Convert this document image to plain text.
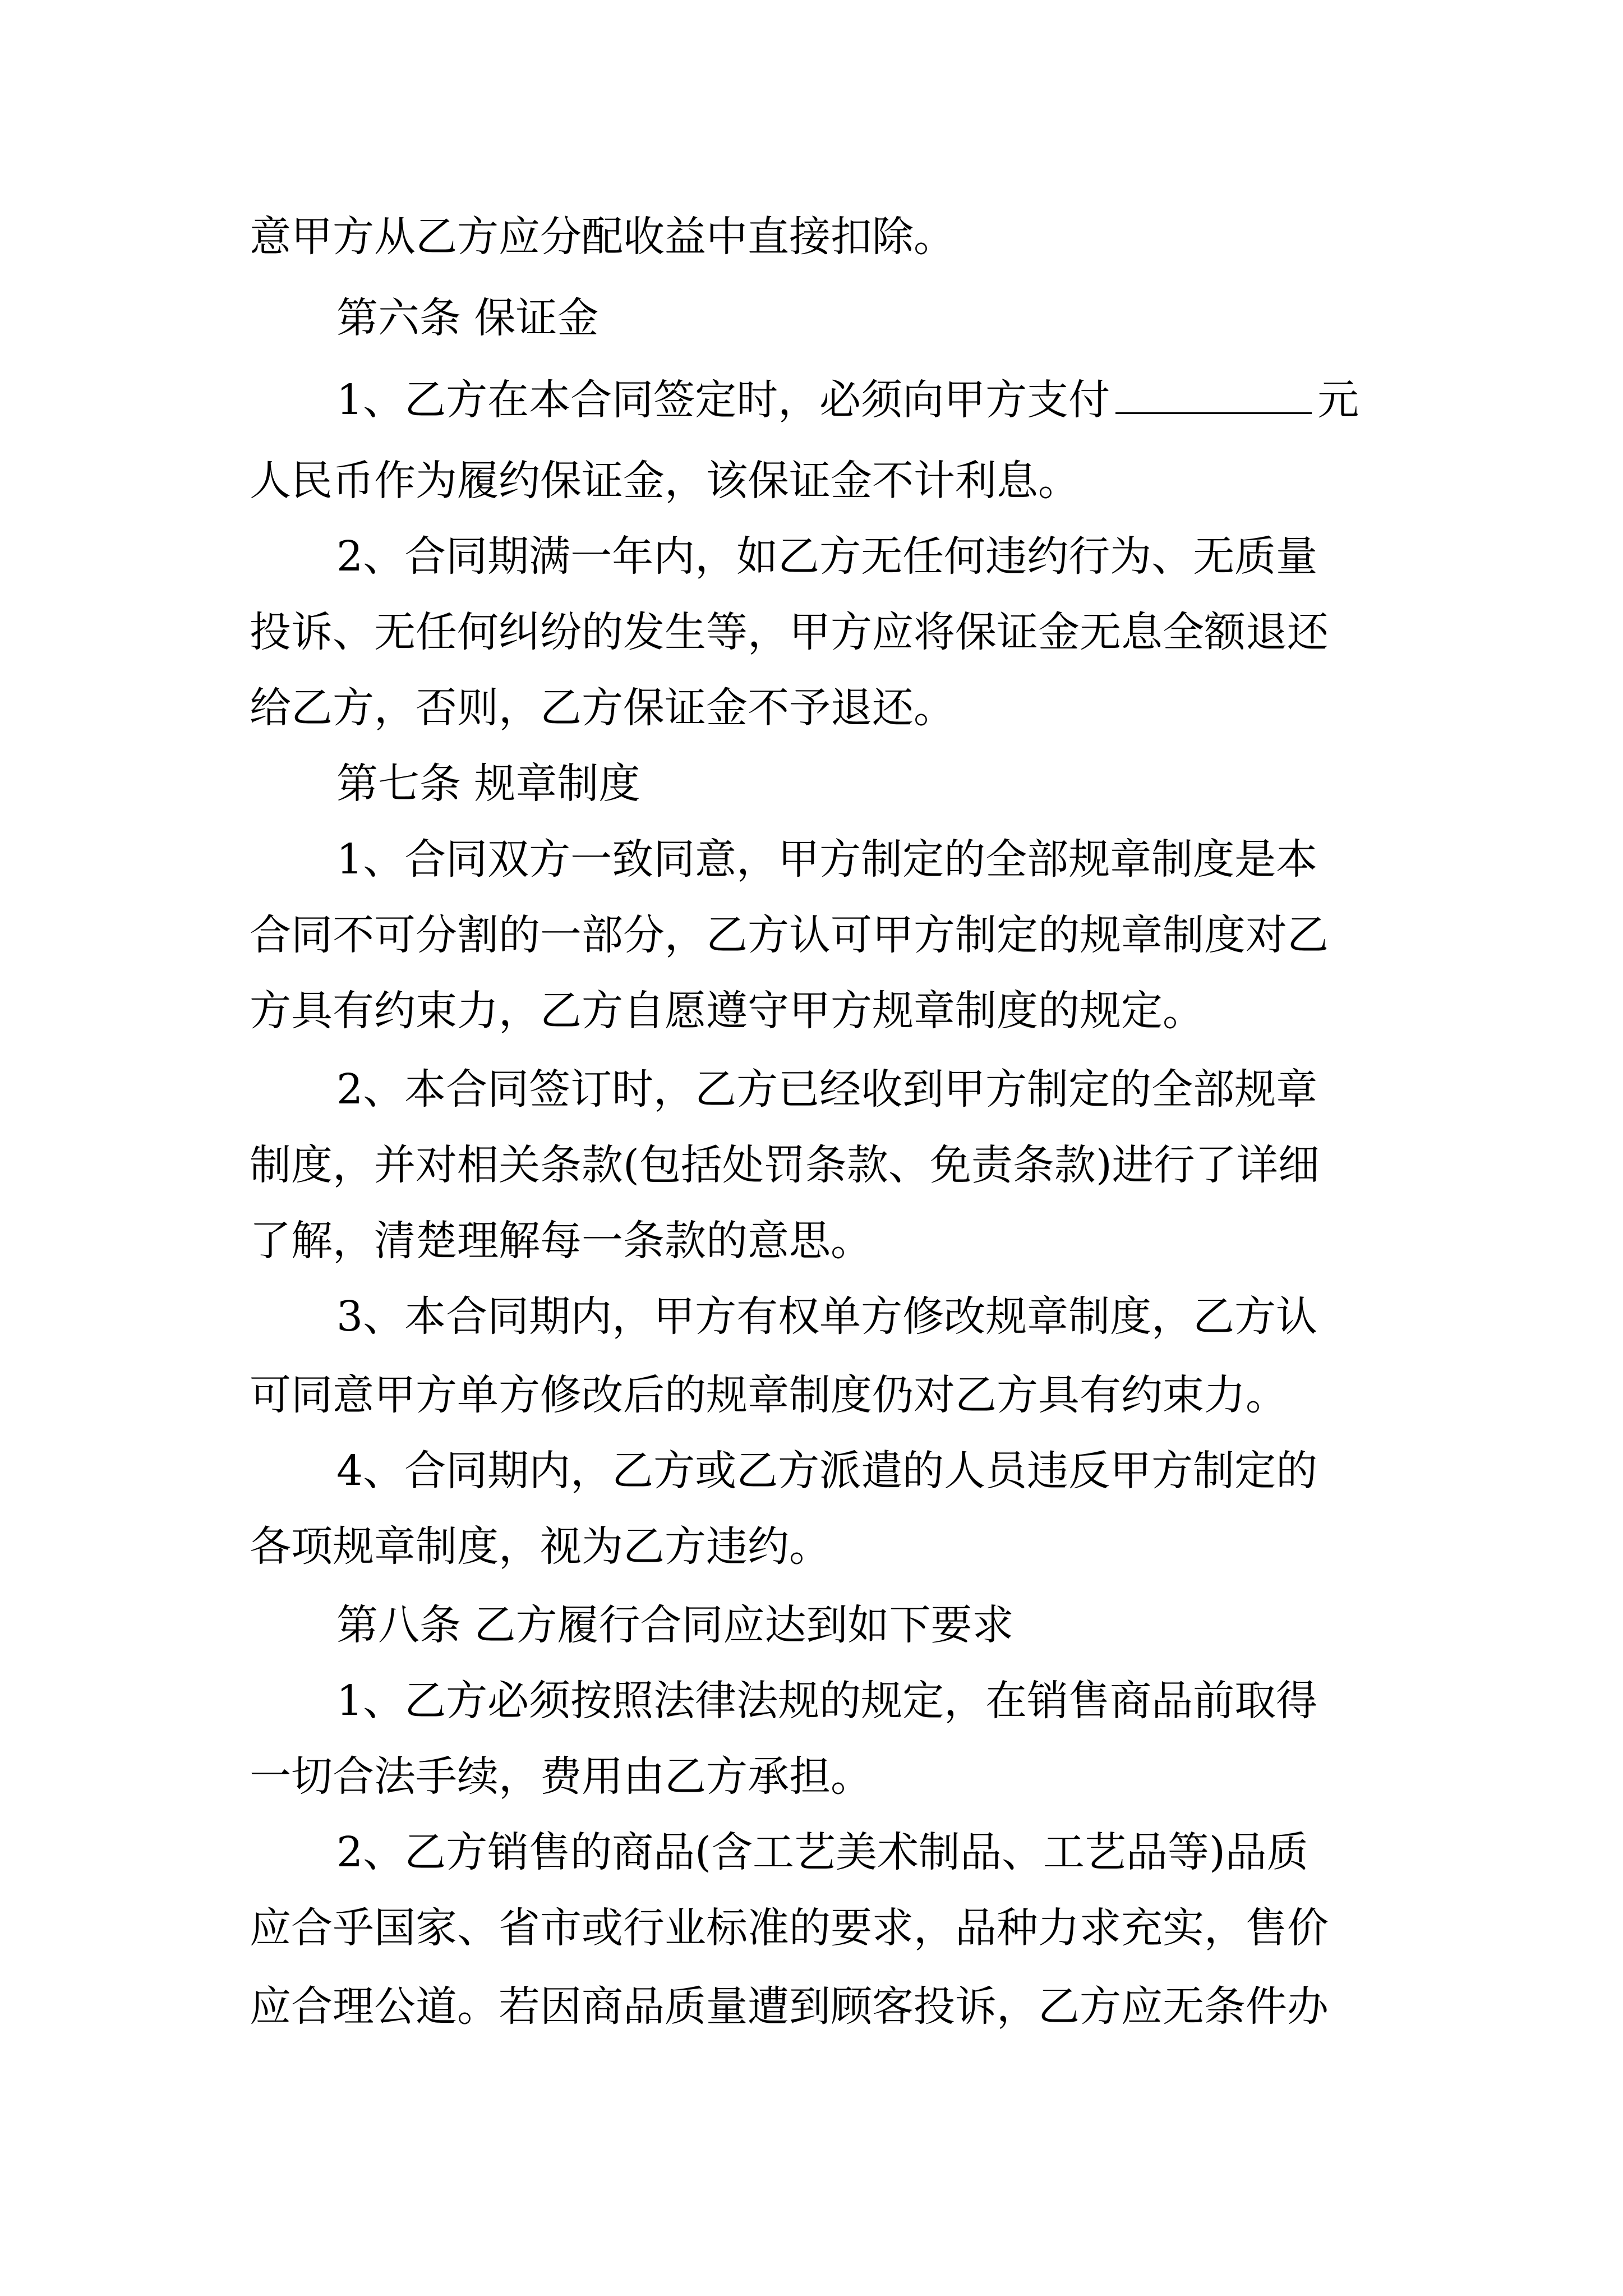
意甲方从乙方应分配收益中直接扣除。
第六条 保证金
1、乙方在本合同签定时，必须向甲方支付	元
人民币作为履约保证金，该保证金不计利息。
2、合同期满一年内，如乙方无任何违约行为、无质量
投诉、无任何纠纷的发生等，甲方应将保证金无息全额退还
给乙方，否则，乙方保证金不予退还。
第七条 规章制度
1、合同双方一致同意，甲方制定的全部规章制度是本
合同不可分割的一部分，乙方认可甲方制定的规章制度对乙
方具有约束力，乙方自愿遵守甲方规章制度的规定。
2、本合同签订时，乙方已经收到甲方制定的全部规章
制度，并对相关条款(包括处罚条款、免责条款)进行了详细
了解，清楚理解每一条款的意思。
3、本合同期内，甲方有权单方修改规章制度，乙方认
可同意甲方单方修改后的规章制度仍对乙方具有约束力。
4、合同期内，乙方或乙方派遣的人员违反甲方制定的
各项规章制度，视为乙方违约。
第八条 乙方履行合同应达到如下要求
1、乙方必须按照法律法规的规定，在销售商品前取得
一切合法手续，费用由乙方承担。
2、乙方销售的商品(含工艺美术制品、工艺品等)品质
应合乎国家、省市或行业标准的要求，品种力求充实，售价
应合理公道。若因商品质量遭到顾客投诉，乙方应无条件办
